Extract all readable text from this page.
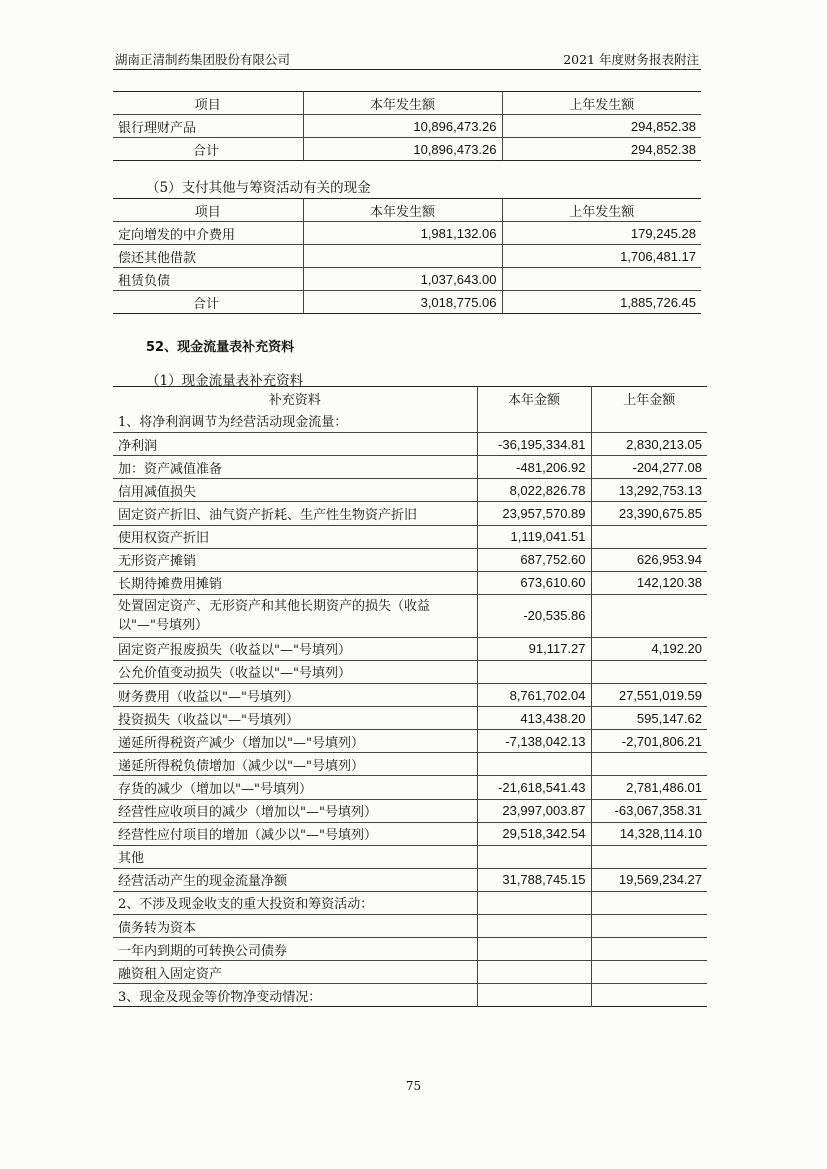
湖南正清制药集团股份有限公司	2021 年度财务报表附注
项目	本年发生额	上年发生额
银行理财产品	10,896,473.26	294,852.38
合计	10,896,473.26	294,852.38
（5）支付其他与筹资活动有关的现金
项目	本年发生额	上年发生额
定向增发的中介费用	1,981,132.06	179,245.28
偿还其他借款		1,706,481.17
租赁负债	1,037,643.00	
合计	3,018,775.06	1,885,726.45
52、现金流量表补充资料
（1）现金流量表补充资料
补充资料	本年金额	上年金额
1、将净利润调节为经营活动现金流量：		
净利润	-36,195,334.81	2,830,213.05
加：资产减值准备	-481,206.92	-204,277.08
信用减值损失	8,022,826.78	13,292,753.13
固定资产折旧、油气资产折耗、生产性生物资产折旧	23,957,570.89	23,390,675.85
使用权资产折旧	1,119,041.51	
无形资产摊销	687,752.60	626,953.94
长期待摊费用摊销	673,610.60	142,120.38
处置固定资产、无形资产和其他长期资产的损失（收益以"—"号填列）	-20,535.86	
固定资产报废损失（收益以"—"号填列）	91,117.27	4,192.20
公允价值变动损失（收益以"—"号填列）		
财务费用（收益以"—"号填列）	8,761,702.04	27,551,019.59
投资损失（收益以"—"号填列）	413,438.20	595,147.62
递延所得税资产减少（增加以"—"号填列）	-7,138,042.13	-2,701,806.21
递延所得税负债增加（减少以"—"号填列）		
存货的减少（增加以"—"号填列）	-21,618,541.43	2,781,486.01
经营性应收项目的减少（增加以"—"号填列）	23,997,003.87	-63,067,358.31
经营性应付项目的增加（减少以"—"号填列）	29,518,342.54	14,328,114.10
其他		
经营活动产生的现金流量净额	31,788,745.15	19,569,234.27
2、不涉及现金收支的重大投资和筹资活动：		
债务转为资本		
一年内到期的可转换公司债券		
融资租入固定资产		
3、现金及现金等价物净变动情况：		
75
